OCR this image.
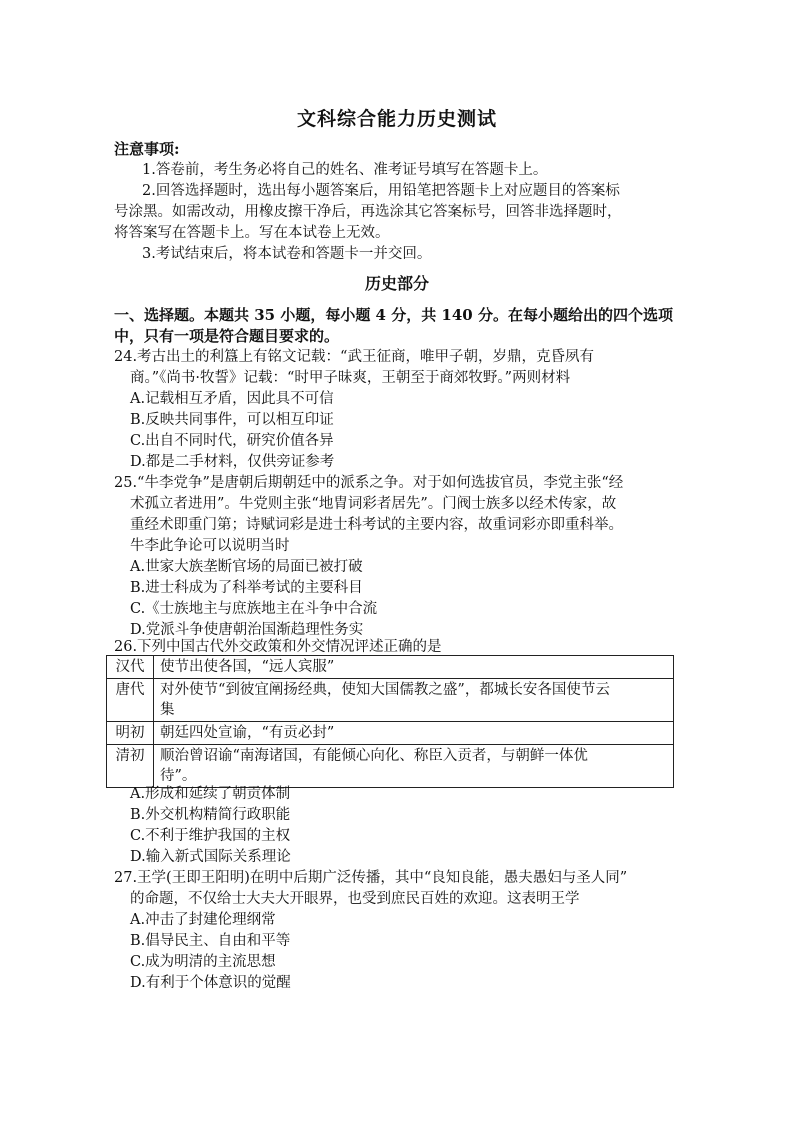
文科综合能力历史测试
注意事项:
1.答卷前，考生务必将自己的姓名、准考证号填写在答题卡上。
2.回答选择题时，选出每小题答案后，用铅笔把答题卡上对应题目的答案标
号涂黑。如需改动，用橡皮擦干净后，再选涂其它答案标号，回答非选择题时，
将答案写在答题卡上。写在本试卷上无效。
3.考试结束后，将本试卷和答题卡一并交回。
历史部分
一、选择题。本题共 35 小题，每小题 4 分，共 140 分。在每小题给出的四个选项
中，只有一项是符合题目要求的。
24.考古出土的利簋上有铭文记载：“武王征商，唯甲子朝，岁鼎，克昏夙有
商。”《尚书·牧誓》记载：“时甲子昧爽，王朝至于商郊牧野。”两则材料
A.记载相互矛盾，因此具不可信
B.反映共同事件，可以相互印证
C.出自不同时代，研究价值各异
D.都是二手材料，仅供旁证参考
25.“牛李党争”是唐朝后期朝廷中的派系之争。对于如何选拔官员，李党主张“经
术孤立者进用”。牛党则主张“地胄词彩者居先”。门阀士族多以经术传家，故
重经术即重门第；诗赋词彩是进士科考试的主要内容，故重词彩亦即重科举。
牛李此争论可以说明当时
A.世家大族垄断官场的局面已被打破
B.进士科成为了科举考试的主要科目
C.《士族地主与庶族地主在斗争中合流
D.党派斗争使唐朝治国渐趋理性务实
26.下列中国古代外交政策和外交情况评述正确的是
汉代	使节出使各国，“远人宾服”
唐代	对外使节“到彼宜阐扬经典，使知大国儒教之盛”，都城长安各国使节云
集
明初	朝廷四处宣谕，“有贡必封”
清初	顺治曾诏谕“南海诸国，有能倾心向化、称臣入贡者，与朝鲜一体优
待”。
A.形成和延续了朝贡体制
B.外交机构精简行政职能
C.不利于维护我国的主权
D.输入新式国际关系理论
27.王学(王即王阳明)在明中后期广泛传播，其中“良知良能，愚夫愚妇与圣人同”
的命题，不仅给士大夫大开眼界，也受到庶民百姓的欢迎。这表明王学
A.冲击了封建伦理纲常
B.倡导民主、自由和平等
C.成为明清的主流思想
D.有利于个体意识的觉醒
